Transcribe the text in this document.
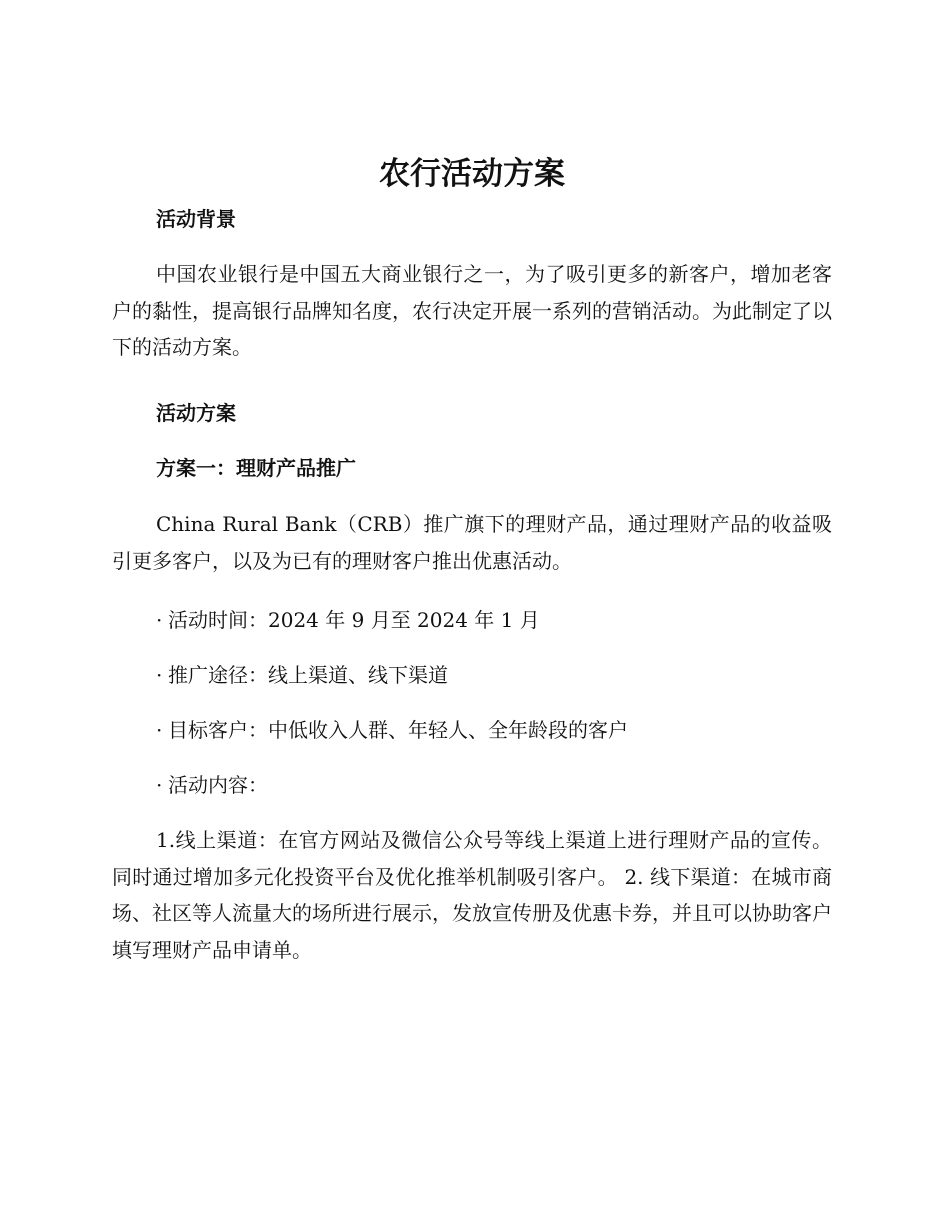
农行活动方案
活动背景

中国农业银行是中国五大商业银行之一，为了吸引更多的新客户，增加老客户的黏性，提高银行品牌知名度，农行决定开展一系列的营销活动。为此制定了以下的活动方案。

活动方案
方案一：理财产品推广

China Rural Bank（CRB）推广旗下的理财产品，通过理财产品的收益吸引更多客户，以及为已有的理财客户推出优惠活动。

· 活动时间：2024 年 9 月至 2024 年 1 月

· 推广途径：线上渠道、线下渠道

· 目标客户：中低收入人群、年轻人、全年龄段的客户

· 活动内容：

1.线上渠道：在官方网站及微信公众号等线上渠道上进行理财产品的宣传。同时通过增加多元化投资平台及优化推举机制吸引客户。 2. 线下渠道：在城市商场、社区等人流量大的场所进行展示，发放宣传册及优惠卡券，并且可以协助客户填写理财产品申请单。
